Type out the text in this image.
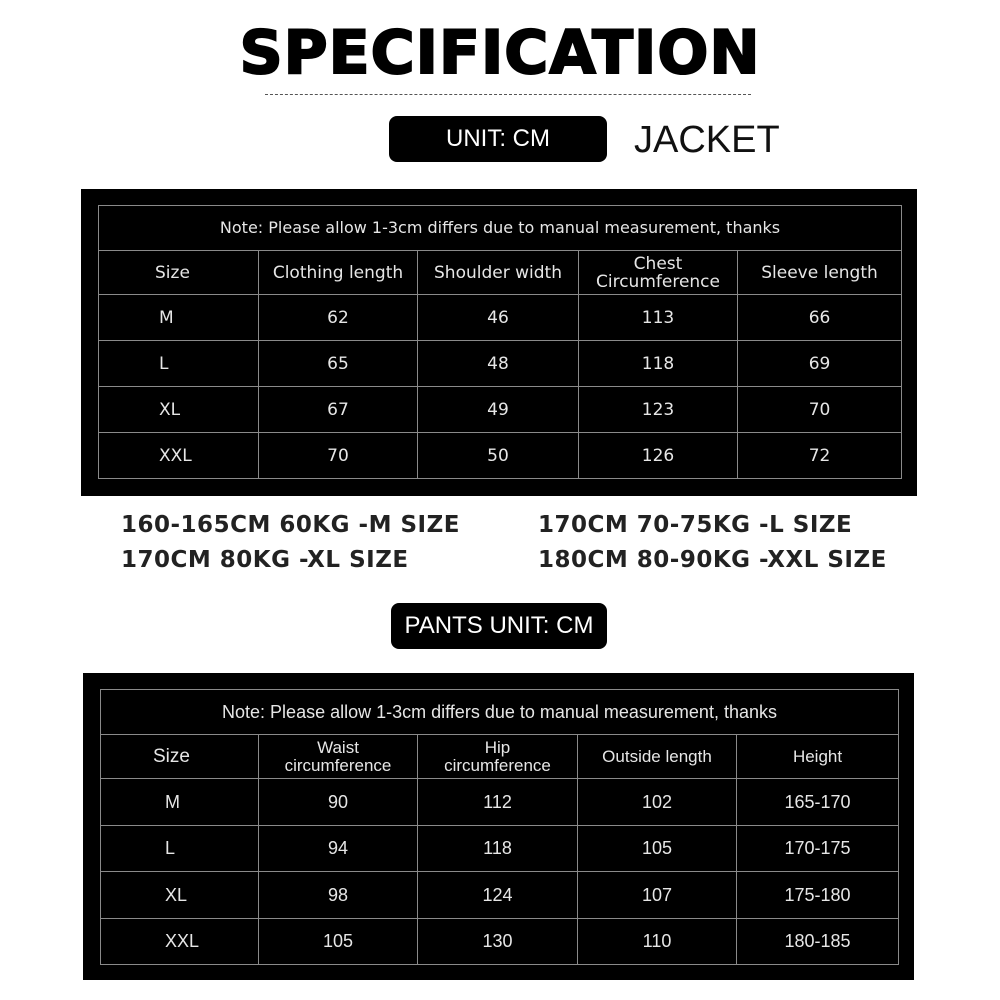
SPECIFICATION
UNIT: CM	JACKET
Note: Please allow 1-3cm differs due to manual measurement, thanks				
Size	Clothing length	Shoulder width	Chest Circumference	Sleeve length
M	62	46	113	66
L	65	48	118	69
XL	67	49	123	70
XXL	70	50	126	72
160-165CM 60KG -M SIZE	170CM 70-75KG -L SIZE
170CM 80KG -XL SIZE	180CM 80-90KG -XXL SIZE
PANTS UNIT: CM
Note: Please allow 1-3cm differs due to manual measurement, thanks				
Size	Waist circumference	Hip circumference	Outside length	Height
M	90	112	102	165-170
L	94	118	105	170-175
XL	98	124	107	175-180
XXL	105	130	110	180-185
